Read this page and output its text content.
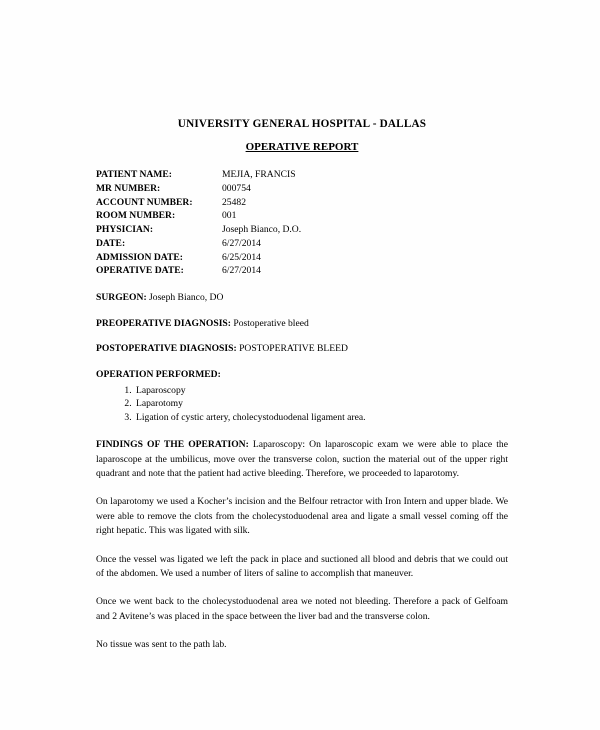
UNIVERSITY GENERAL HOSPITAL - DALLAS
OPERATIVE REPORT
PATIENT NAME:	MEJIA, FRANCIS
MR NUMBER:	000754
ACCOUNT NUMBER:	25482
ROOM NUMBER:	001
PHYSICIAN:	Joseph Bianco, D.O.
DATE:	6/27/2014
ADMISSION DATE:	6/25/2014
OPERATIVE DATE:	6/27/2014
SURGEON: Joseph Bianco, DO
PREOPERATIVE DIAGNOSIS: Postoperative bleed
POSTOPERATIVE DIAGNOSIS: POSTOPERATIVE BLEED
OPERATION PERFORMED:
1. Laparoscopy
2. Laparotomy
3. Ligation of cystic artery, cholecystoduodenal ligament area.

FINDINGS OF THE OPERATION: Laparoscopy: On laparoscopic exam we were able to place the laparoscope at the umbilicus, move over the transverse colon, suction the material out of the upper right quadrant and note that the patient had active bleeding. Therefore, we proceeded to laparotomy.

On laparotomy we used a Kocher’s incision and the Belfour retractor with Iron Intern and upper blade. We were able to remove the clots from the cholecystoduodenal area and ligate a small vessel coming off the right hepatic. This was ligated with silk.

Once the vessel was ligated we left the pack in place and suctioned all blood and debris that we could out of the abdomen. We used a number of liters of saline to accomplish that maneuver.

Once we went back to the cholecystoduodenal area we noted not bleeding. Therefore a pack of Gelfoam and 2 Avitene’s was placed in the space between the liver bad and the transverse colon.

No tissue was sent to the path lab.
